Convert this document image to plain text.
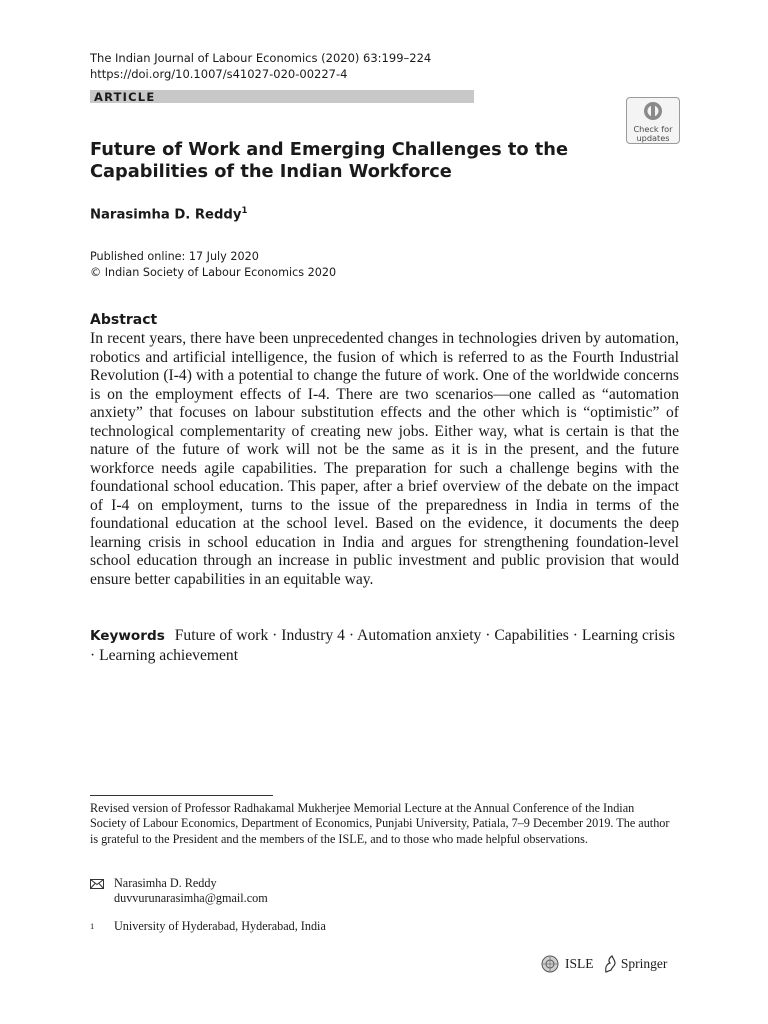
The Indian Journal of Labour Economics (2020) 63:199–224
https://doi.org/10.1007/s41027-020-00227-4
ARTICLE
Check for
updates
Future of Work and Emerging Challenges to the Capabilities of the Indian Workforce
Narasimha D. Reddy$^1$
Published online: 17 July 2020
© Indian Society of Labour Economics 2020
Abstract
In recent years, there have been unprecedented changes in technologies driven by automation, robotics and artificial intelligence, the fusion of which is referred to as the Fourth Industrial Revolution (I-4) with a potential to change the future of work. One of the worldwide concerns is on the employment effects of I-4. There are two scenarios—one called as “automation anxiety” that focuses on labour substitution effects and the other which is “optimistic” of technological complementarity of creating new jobs. Either way, what is certain is that the nature of the future of work will not be the same as it is in the present, and the future workforce needs agile capabilities. The preparation for such a challenge begins with the foundational school education. This paper, after a brief overview of the debate on the impact of I-4 on employment, turns to the issue of the preparedness in India in terms of the foundational education at the school level. Based on the evidence, it documents the deep learning crisis in school education in India and argues for strengthening foundation-level school education through an increase in public investment and public provision that would ensure better capabilities in an equitable way.
Keywords Future of work · Industry 4 · Automation anxiety · Capabilities · Learning crisis · Learning achievement
Revised version of Professor Radhakamal Mukherjee Memorial Lecture at the Annual Conference of the Indian Society of Labour Economics, Department of Economics, Punjabi University, Patiala, 7–9 December 2019. The author is grateful to the President and the members of the ISLE, and to those who made helpful observations.
Narasimha D. Reddy
duvvurunarasimha@gmail.com
$^1$ University of Hyderabad, Hyderabad, India
ISLE
Springer
